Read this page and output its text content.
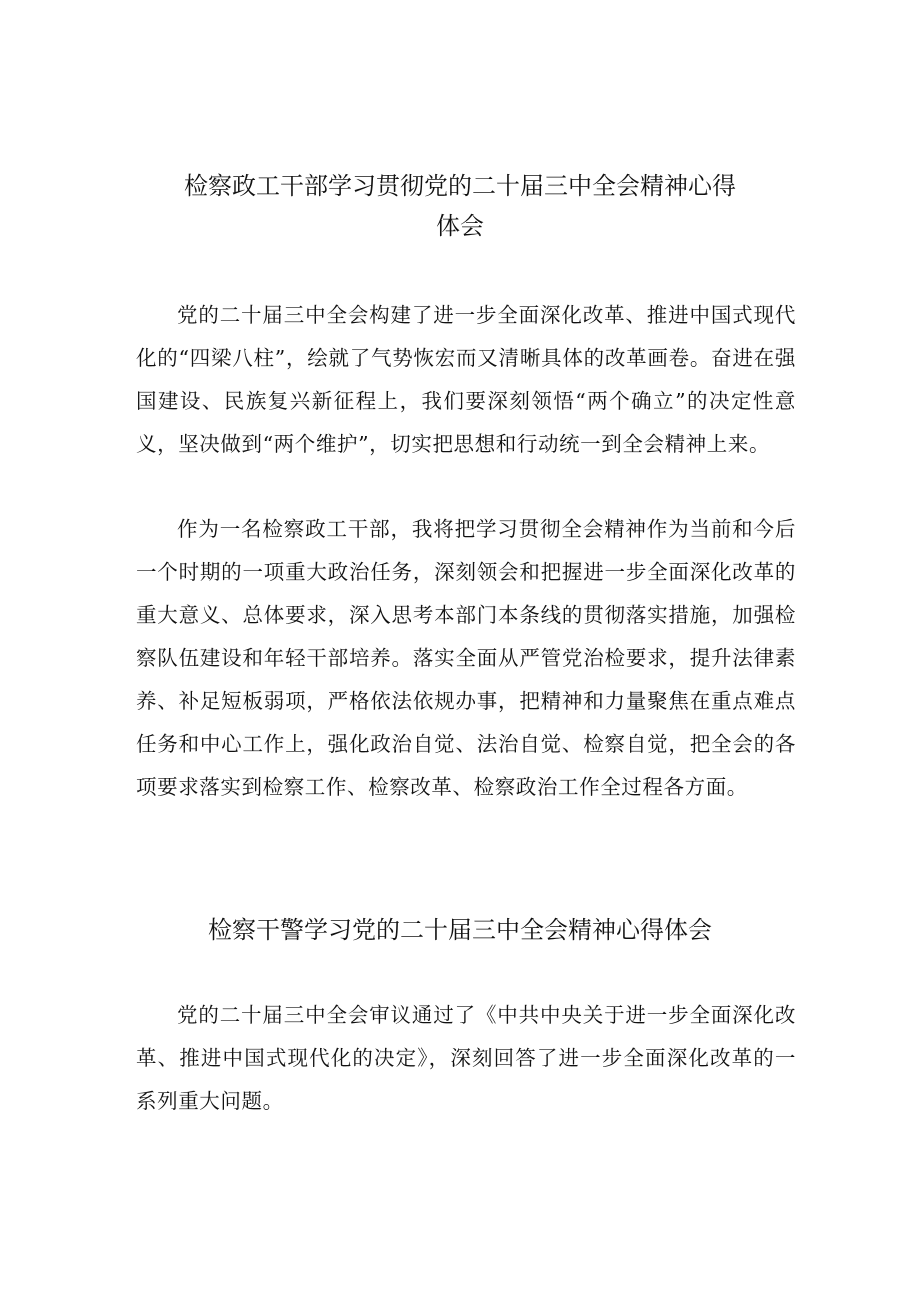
检察政工干部学习贯彻党的二十届三中全会精神心得
体会

党的二十届三中全会构建了进一步全面深化改革、推进中国式现代化的“四梁八柱”，绘就了气势恢宏而又清晰具体的改革画卷。奋进在强国建设、民族复兴新征程上，我们要深刻领悟“两个确立”的决定性意义，坚决做到“两个维护”，切实把思想和行动统一到全会精神上来。

作为一名检察政工干部，我将把学习贯彻全会精神作为当前和今后一个时期的一项重大政治任务，深刻领会和把握进一步全面深化改革的重大意义、总体要求，深入思考本部门本条线的贯彻落实措施，加强检察队伍建设和年轻干部培养。落实全面从严管党治检要求，提升法律素养、补足短板弱项，严格依法依规办事，把精神和力量聚焦在重点难点任务和中心工作上，强化政治自觉、法治自觉、检察自觉，把全会的各项要求落实到检察工作、检察改革、检察政治工作全过程各方面。

检察干警学习党的二十届三中全会精神心得体会

党的二十届三中全会审议通过了《中共中央关于进一步全面深化改革、推进中国式现代化的决定》，深刻回答了进一步全面深化改革的一系列重大问题。
